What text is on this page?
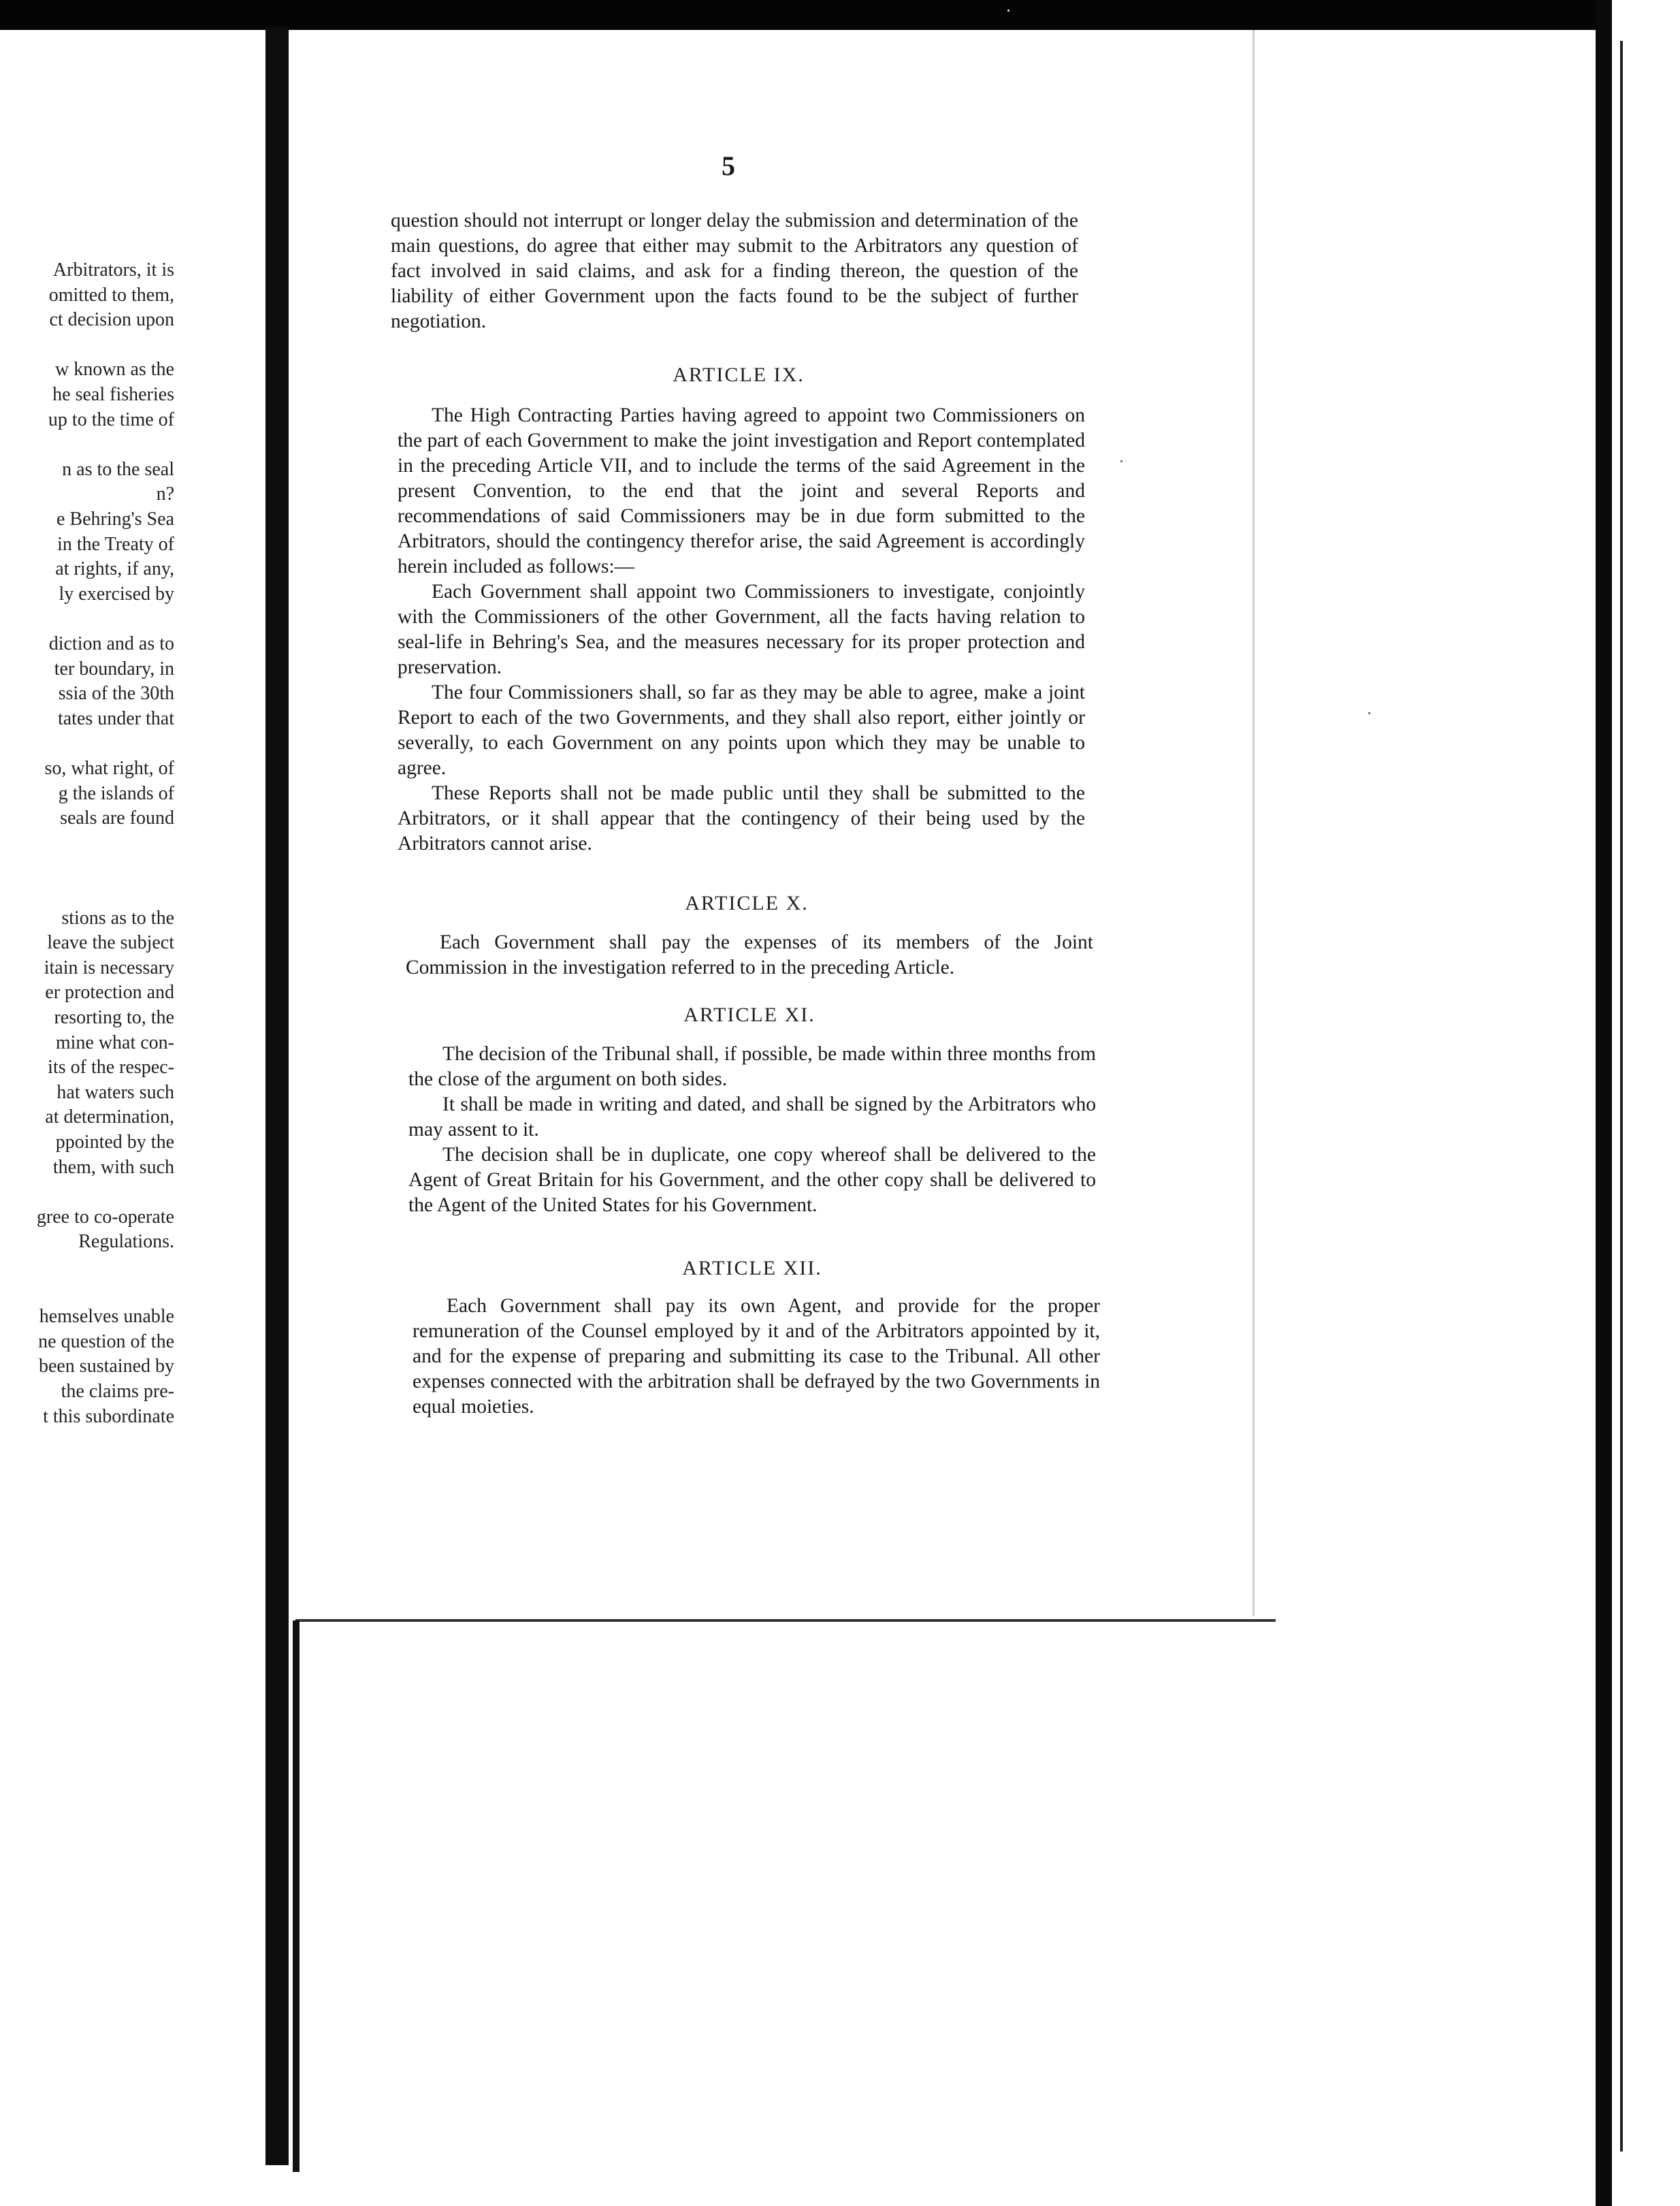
Arbitrators, it is
omitted to them,
ct decision upon
w known as the
he seal fisheries
up to the time of
n as to the seal
n?
e Behring's Sea
in the Treaty of
at rights, if any,
ly exercised by
diction and as to
ter boundary, in
ssia of the 30th
tates under that
so, what right, of
g the islands of
seals are found
stions as to the
leave the subject
itain is necessary
er protection and
resorting to, the
mine what con-
its of the respec-
hat waters such
at determination,
ppointed by the
them, with such
gree to co-operate
Regulations.
hemselves unable
ne question of the
been sustained by
the claims pre-
t this subordinate
5

question should not interrupt or longer delay the submission and determination of the main questions, do agree that either may submit to the Arbitrators any question of fact involved in said claims, and ask for a finding thereon, the question of the liability of either Government upon the facts found to be the subject of further negotiation.

ARTICLE IX.

The High Contracting Parties having agreed to appoint two Commissioners on the part of each Government to make the joint investigation and Report contemplated in the preceding Article VII, and to include the terms of the said Agreement in the present Convention, to the end that the joint and several Reports and recommendations of said Commissioners may be in due form submitted to the Arbitrators, should the contingency therefor arise, the said Agreement is accordingly herein included as follows:—

Each Government shall appoint two Commissioners to investigate, conjointly with the Commissioners of the other Government, all the facts having relation to seal-life in Behring's Sea, and the measures necessary for its proper protection and preservation.

The four Commissioners shall, so far as they may be able to agree, make a joint Report to each of the two Governments, and they shall also report, either jointly or severally, to each Government on any points upon which they may be unable to agree.

These Reports shall not be made public until they shall be submitted to the Arbitrators, or it shall appear that the contingency of their being used by the Arbitrators cannot arise.

ARTICLE X.

Each Government shall pay the expenses of its members of the Joint Commission in the investigation referred to in the preceding Article.

ARTICLE XI.

The decision of the Tribunal shall, if possible, be made within three months from the close of the argument on both sides.

It shall be made in writing and dated, and shall be signed by the Arbitrators who may assent to it.

The decision shall be in duplicate, one copy whereof shall be delivered to the Agent of Great Britain for his Government, and the other copy shall be delivered to the Agent of the United States for his Government.

ARTICLE XII.

Each Government shall pay its own Agent, and provide for the proper remuneration of the Counsel employed by it and of the Arbitrators appointed by it, and for the expense of preparing and submitting its case to the Tribunal. All other expenses connected with the arbitration shall be defrayed by the two Governments in equal moieties.
